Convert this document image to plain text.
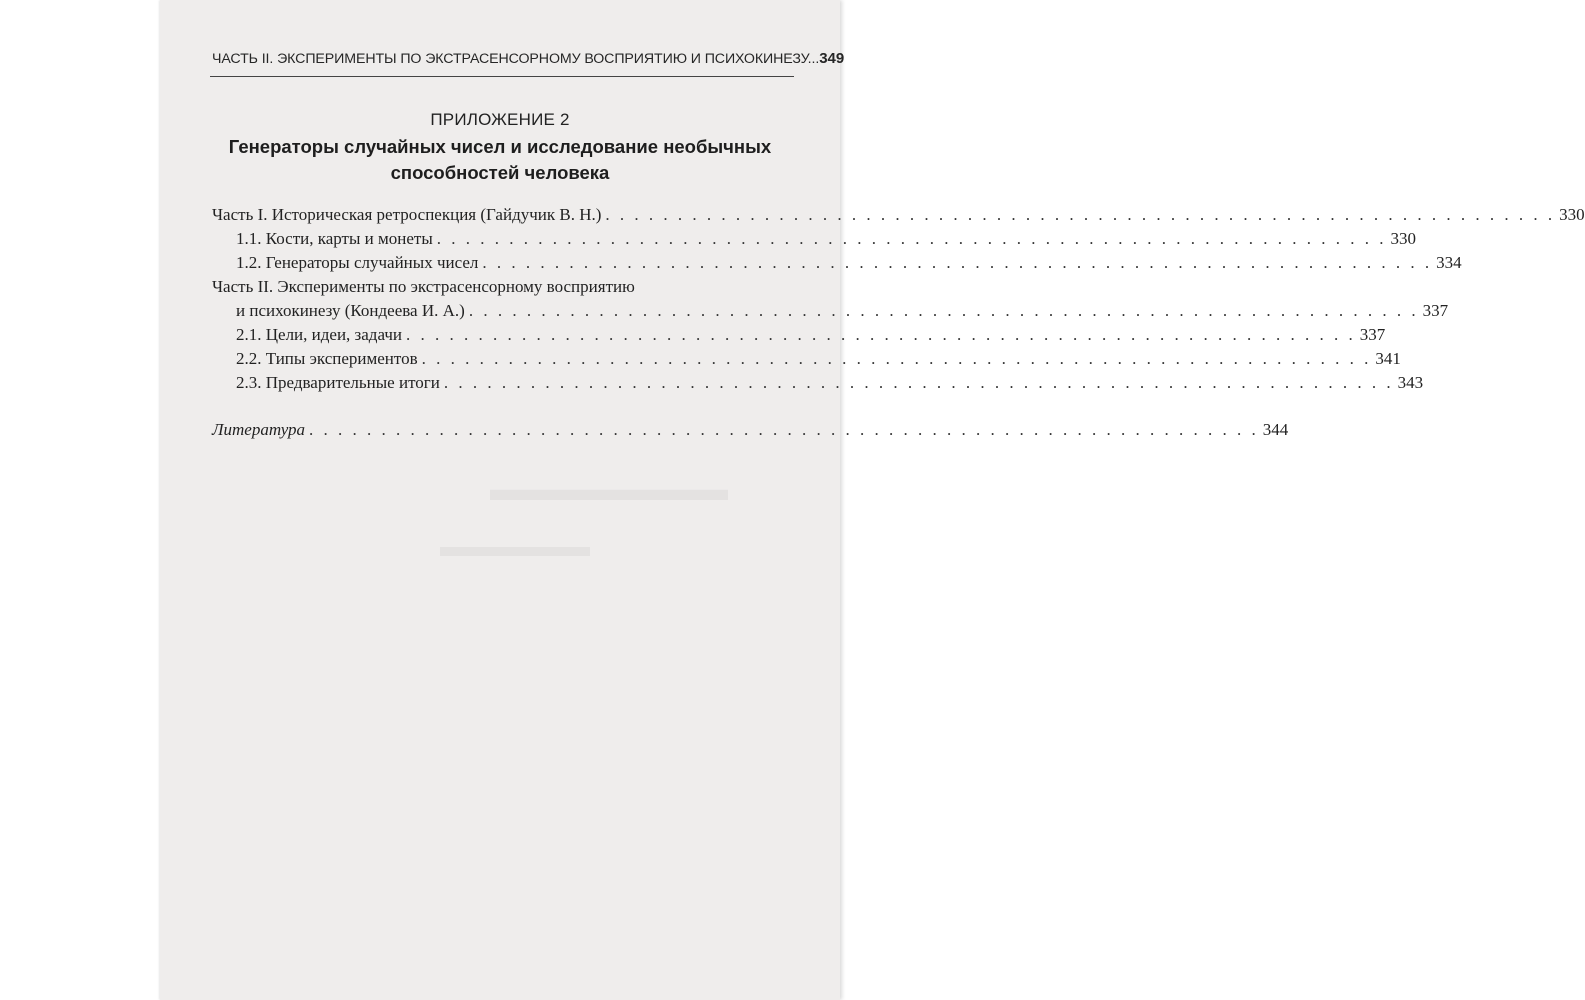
ЧАСТЬ II. ЭКСПЕРИМЕНТЫ ПО ЭКСТРАСЕНСОРНОМУ ВОСПРИЯТИЮ И ПСИХОКИНЕЗУ... 349
ПРИЛОЖЕНИЕ 2
Генераторы случайных чисел и исследование необычных способностей человека
Часть I. Историческая ретроспекция (Гайдучик В. Н.) . . . . . . . . . . . . . . . . . . . . . . . . . . . . . . . . . . . . . . . . . . . . . . . . . . . . . . . . . . . . . . . . . . 330
1.1. Кости, карты и монеты . . . . . . . . . . . . . . . . . . . . . . . . . . . . . . . . . . . . . . . . . . . . . . . . . . . . . . . . . . . . . . . . . . 330
1.2. Генераторы случайных чисел . . . . . . . . . . . . . . . . . . . . . . . . . . . . . . . . . . . . . . . . . . . . . . . . . . . . . . . . . . . . . . . . . . 334
Часть II. Эксперименты по экстрасенсорному восприятию
и психокинезу (Кондеева И. А.) . . . . . . . . . . . . . . . . . . . . . . . . . . . . . . . . . . . . . . . . . . . . . . . . . . . . . . . . . . . . . . . . . . 337
2.1. Цели, идеи, задачи . . . . . . . . . . . . . . . . . . . . . . . . . . . . . . . . . . . . . . . . . . . . . . . . . . . . . . . . . . . . . . . . . . 337
2.2. Типы экспериментов . . . . . . . . . . . . . . . . . . . . . . . . . . . . . . . . . . . . . . . . . . . . . . . . . . . . . . . . . . . . . . . . . . 341
2.3. Предварительные итоги . . . . . . . . . . . . . . . . . . . . . . . . . . . . . . . . . . . . . . . . . . . . . . . . . . . . . . . . . . . . . . . . . . 343
Литература . . . . . . . . . . . . . . . . . . . . . . . . . . . . . . . . . . . . . . . . . . . . . . . . . . . . . . . . . . . . . . . . . . 344
